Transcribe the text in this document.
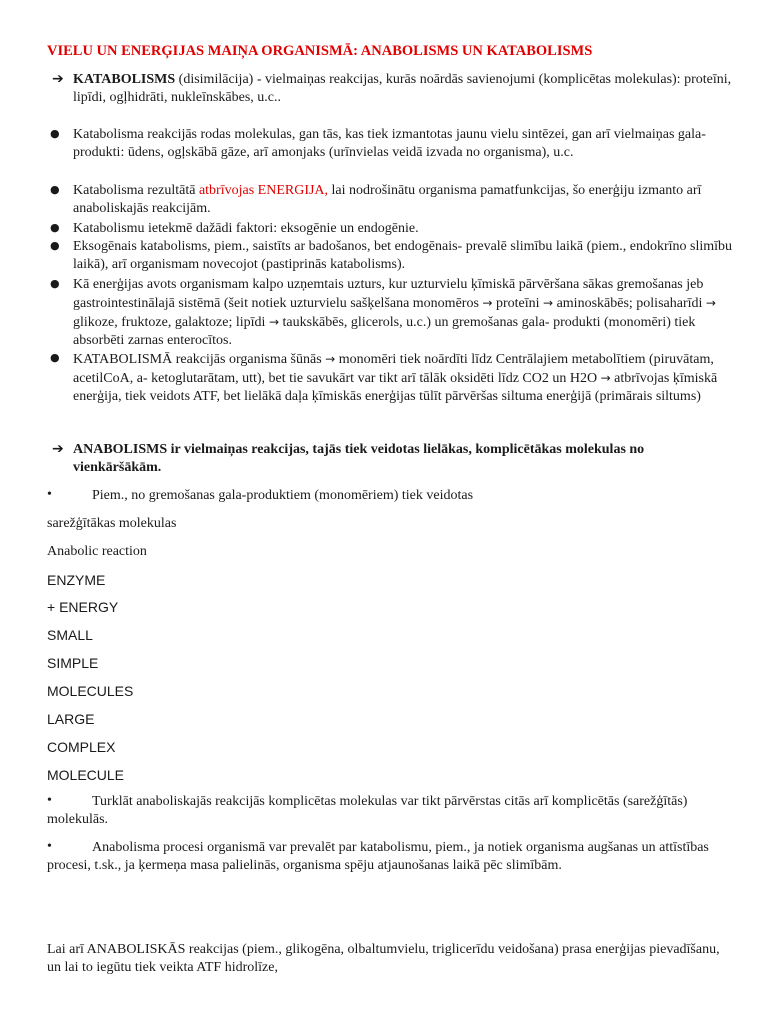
VIELU UN ENERĢIJAS MAIŅA ORGANISMĀ: ANABOLISMS UN KATABOLISMS
➔ KATABOLISMS (disimilācija) - vielmaiņas reakcijas, kurās noārdās savienojumi (komplicētas molekulas): proteīni, lipīdi, ogļhidrāti, nukleīnskābes, u.c..
● Katabolisma reakcijās rodas molekulas, gan tās, kas tiek izmantotas jaunu vielu sintēzei, gan arī vielmaiņas gala-produkti: ūdens, ogļskābā gāze, arī amonjaks (urīnvielas veidā izvada no organisma), u.c.
● Katabolisma rezultātā atbrīvojas ENERGIJA, lai nodrošinātu organisma pamatfunkcijas, šo enerģiju izmanto arī anaboliskajās reakcijām.
● Katabolismu ietekmē dažādi faktori: eksogēnie un endogēnie.
● Eksogēnais katabolisms, piem., saistīts ar badošanos, bet endogēnais- prevalē slimību laikā (piem., endokrīno slimību laikā), arī organismam novecojot (pastiprinās katabolisms).
● Kā enerģijas avots organismam kalpo uzņemtais uzturs, kur uzturvielu ķīmiskā pārvēršana sākas gremošanas jeb gastrointestinālajā sistēmā (šeit notiek uzturvielu sašķelšana monomēros → proteīni → aminoskābēs; polisaharīdi → glikoze, fruktoze, galaktoze; lipīdi → taukskābēs, glicerols, u.c.) un gremošanas gala- produkti (monomēri) tiek absorbēti zarnas enterocītos.
● KATABOLISMĀ reakcijās organisma šūnās → monomēri tiek noārdīti līdz Centrālajiem metabolītiem (piruvātam, acetilCoA, a- ketoglutarātam, utt), bet tie savukārt var tikt arī tālāk oksidēti līdz CO2 un H2O → atbrīvojas ķīmiskā enerģija, tiek veidots ATF, bet lielākā daļa ķīmiskās enerģijas tūlīt pārvēršas siltuma enerģijā (primārais siltums)
➔ ANABOLISMS ir vielmaiņas reakcijas, tajās tiek veidotas lielākas, komplicētākas molekulas no vienkāršākām.
•	Piem., no gremošanas gala-produktiem (monomēriem) tiek veidotas
sarežģītākas molekulas
Anabolic reaction
ENZYME
+ ENERGY
SMALL
SIMPLE
MOLECULES
LARGE
COMPLEX
MOLECULE
•	Turklāt anaboliskajās reakcijās komplicētas molekulas var tikt pārvērstas citās arī komplicētās (sarežģītās) molekulās.
•	Anabolisma procesi organismā var prevalēt par katabolismu, piem., ja notiek organisma augšanas un attīstības procesi, t.sk., ja ķermeņa masa palielinās, organisma spēju atjaunošanas laikā pēc slimībām.
Lai arī ANABOLISKĀS reakcijas (piem., glikogēna, olbaltumvielu, triglicerīdu veidošana) prasa enerģijas pievadīšanu, un lai to iegūtu tiek veikta ATF hidrolīze,
